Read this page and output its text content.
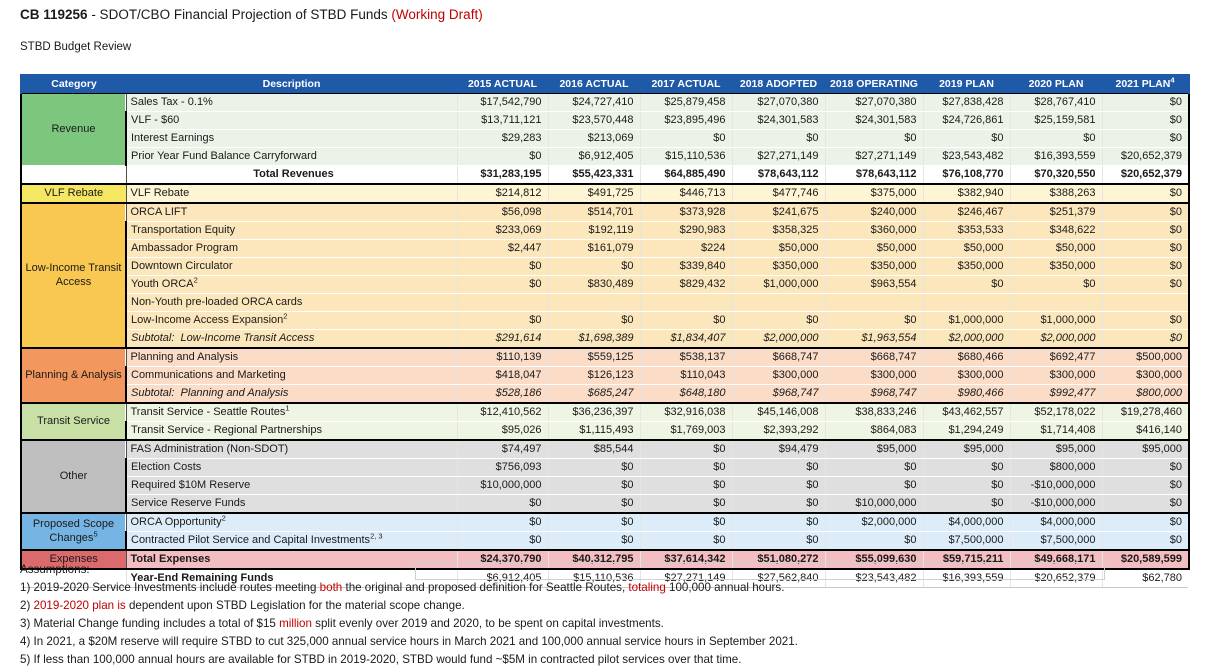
CB 119256 - SDOT/CBO Financial Projection of STBD Funds (Working Draft)
STBD Budget Review
Category	Description	2015 ACTUAL	2016 ACTUAL	2017 ACTUAL	2018 ADOPTED	2018 OPERATING	2019 PLAN	2020 PLAN	2021 PLAN$^4$
Revenue	Sales Tax - 0.1%	$17,542,790	$24,727,410	$25,879,458	$27,070,380	$27,070,380	$27,838,428	$28,767,410	$0
	VLF - $60	$13,711,121	$23,570,448	$23,895,496	$24,301,583	$24,301,583	$24,726,861	$25,159,581	$0
	Interest Earnings	$29,283	$213,069	$0	$0	$0	$0	$0	$0
	Prior Year Fund Balance Carryforward	$0	$6,912,405	$15,110,536	$27,271,149	$27,271,149	$23,543,482	$16,393,559	$20,652,379
	Total Revenues	$31,283,195	$55,423,331	$64,885,490	$78,643,112	$78,643,112	$76,108,770	$70,320,550	$20,652,379
VLF Rebate	VLF Rebate	$214,812	$491,725	$446,713	$477,746	$375,000	$382,940	$388,263	$0
Low-Income Transit Access	ORCA LIFT	$56,098	$514,701	$373,928	$241,675	$240,000	$246,467	$251,379	$0
	Transportation Equity	$233,069	$192,119	$290,983	$358,325	$360,000	$353,533	$348,622	$0
	Ambassador Program	$2,447	$161,079	$224	$50,000	$50,000	$50,000	$50,000	$0
	Downtown Circulator	$0	$0	$339,840	$350,000	$350,000	$350,000	$350,000	$0
	Youth ORCA$^2$	$0	$830,489	$829,432	$1,000,000	$963,554	$0	$0	$0
	Non-Youth pre-loaded ORCA cards								
	Low-Income Access Expansion$^2$	$0	$0	$0	$0	$0	$1,000,000	$1,000,000	$0
	Subtotal:  Low-Income Transit Access	$291,614	$1,698,389	$1,834,407	$2,000,000	$1,963,554	$2,000,000	$2,000,000	$0
Planning & Analysis	Planning and Analysis	$110,139	$559,125	$538,137	$668,747	$668,747	$680,466	$692,477	$500,000
	Communications and Marketing	$418,047	$126,123	$110,043	$300,000	$300,000	$300,000	$300,000	$300,000
	Subtotal:  Planning and Analysis	$528,186	$685,247	$648,180	$968,747	$968,747	$980,466	$992,477	$800,000
Transit Service	Transit Service - Seattle Routes$^1$	$12,410,562	$36,236,397	$32,916,038	$45,146,008	$38,833,246	$43,462,557	$52,178,022	$19,278,460
	Transit Service - Regional Partnerships	$95,026	$1,115,493	$1,769,003	$2,393,292	$864,083	$1,294,249	$1,714,408	$416,140
Other	FAS Administration (Non-SDOT)	$74,497	$85,544	$0	$94,479	$95,000	$95,000	$95,000	$95,000
	Election Costs	$756,093	$0	$0	$0	$0	$0	$800,000	$0
	Required $10M Reserve	$10,000,000	$0	$0	$0	$0	$0	-$10,000,000	$0
	Service Reserve Funds	$0	$0	$0	$0	$10,000,000	$0	-$10,000,000	$0
Proposed Scope Changes$^5$	ORCA Opportunity$^2$	$0	$0	$0	$0	$2,000,000	$4,000,000	$4,000,000	$0
	Contracted Pilot Service and Capital Investments$^{2, 3}$	$0	$0	$0	$0	$0	$7,500,000	$7,500,000	$0
Expenses	Total Expenses	$24,370,790	$40,312,795	$37,614,342	$51,080,272	$55,099,630	$59,715,211	$49,668,171	$20,589,599
	Year-End Remaining Funds	$6,912,405	$15,110,536	$27,271,149	$27,562,840	$23,543,482	$16,393,559	$20,652,379	$62,780
Assumptions:
1) 2019-2020 Service Investments include routes meeting both the original and proposed definition for Seattle Routes, totaling 100,000 annual hours.
2) 2019-2020 plan is dependent upon STBD Legislation for the material scope change.
3) Material Change funding includes a total of $15 million split evenly over 2019 and 2020, to be spent on capital investments.
4) In 2021, a $20M reserve will require STBD to cut 325,000 annual service hours in March 2021 and 100,000 annual service hours in September 2021.
5) If less than 100,000 annual hours are available for STBD in 2019-2020, STBD would fund ~$5M in contracted pilot services over that time.
